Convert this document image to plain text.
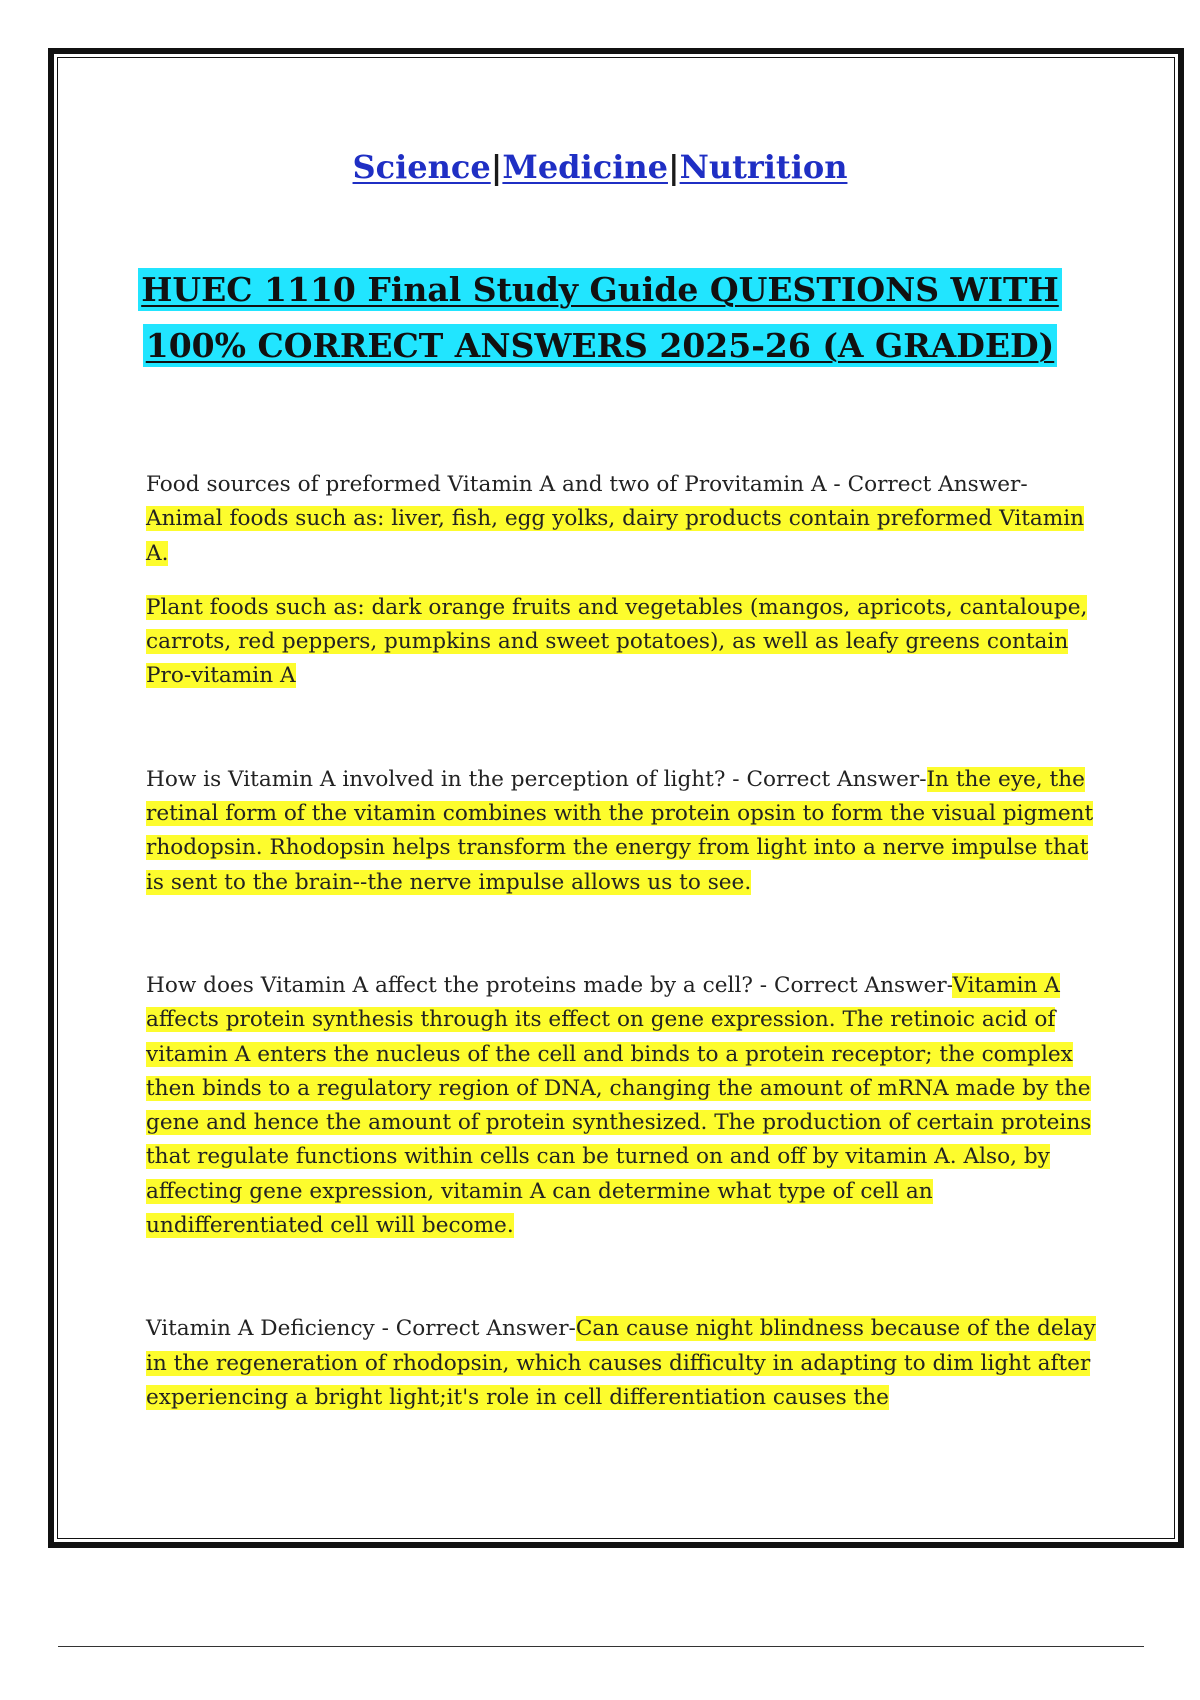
Science|Medicine|Nutrition
HUEC 1110 Final Study Guide QUESTIONS WITH
100% CORRECT ANSWERS 2025-26 (A GRADED)

Food sources of preformed Vitamin A and two of Provitamin A - Correct Answer-Animal foods such as: liver, fish, egg yolks, dairy products contain preformed Vitamin A.

Plant foods such as: dark orange fruits and vegetables (mangos, apricots, cantaloupe, carrots, red peppers, pumpkins and sweet potatoes), as well as leafy greens contain Pro-vitamin A

How is Vitamin A involved in the perception of light? - Correct Answer-In the eye, the retinal form of the vitamin combines with the protein opsin to form the visual pigment rhodopsin. Rhodopsin helps transform the energy from light into a nerve impulse that is sent to the brain--the nerve impulse allows us to see.

How does Vitamin A affect the proteins made by a cell? - Correct Answer-Vitamin A affects protein synthesis through its effect on gene expression. The retinoic acid of vitamin A enters the nucleus of the cell and binds to a protein receptor; the complex then binds to a regulatory region of DNA, changing the amount of mRNA made by the gene and hence the amount of protein synthesized. The production of certain proteins that regulate functions within cells can be turned on and off by vitamin A. Also, by affecting gene expression, vitamin A can determine what type of cell an undifferentiated cell will become.

Vitamin A Deficiency - Correct Answer-Can cause night blindness because of the delay in the regeneration of rhodopsin, which causes difficulty in adapting to dim light after experiencing a bright light;it's role in cell differentiation causes the
